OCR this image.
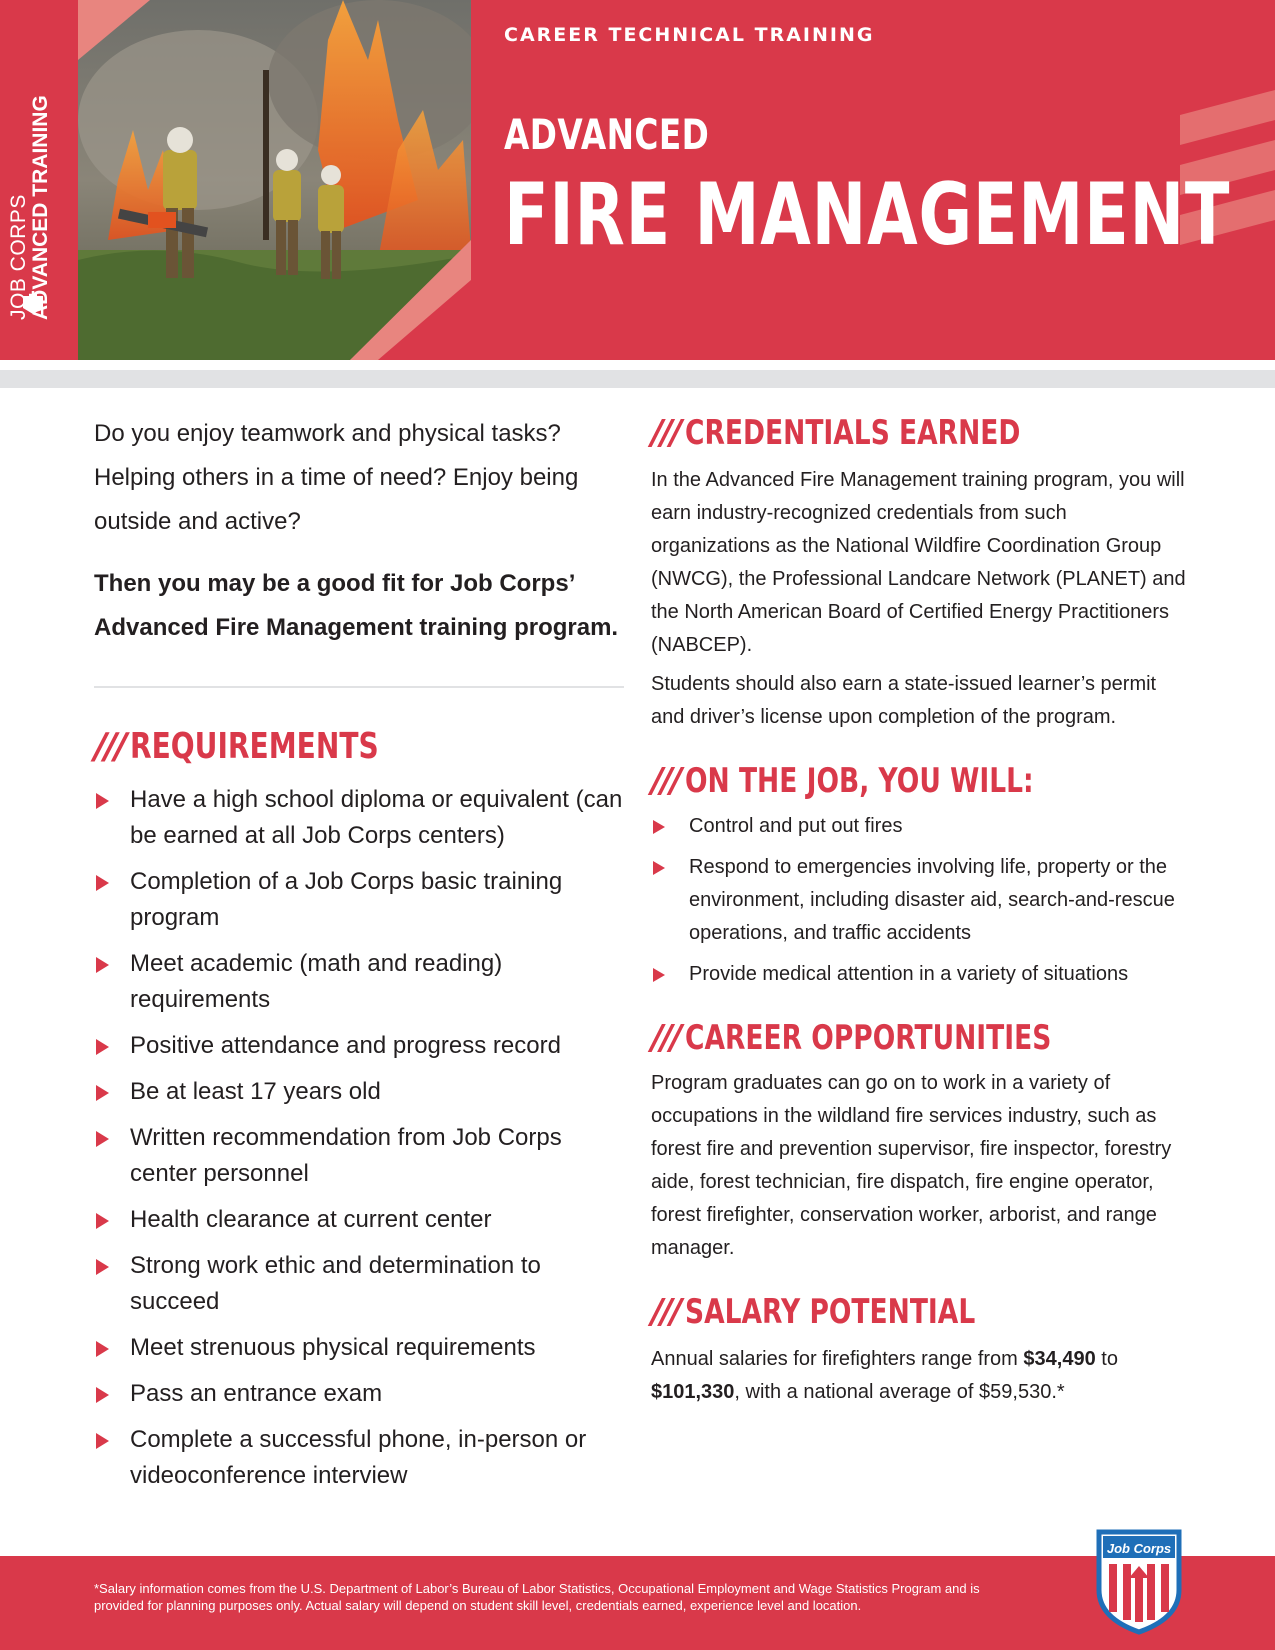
JOB CORPS ADVANCED TRAINING
CAREER TECHNICAL TRAINING
ADVANCED
FIRE MANAGEMENT

Do you enjoy teamwork and physical tasks? Helping others in a time of need? Enjoy being outside and active?

Then you may be a good fit for Job Corps’ Advanced Fire Management training program.

/// REQUIREMENTS
Have a high school diploma or equivalent (can be earned at all Job Corps centers)
Completion of a Job Corps basic training program
Meet academic (math and reading) requirements
Positive attendance and progress record
Be at least 17 years old
Written recommendation from Job Corps center personnel
Health clearance at current center
Strong work ethic and determination to succeed
Meet strenuous physical requirements
Pass an entrance exam
Complete a successful phone, in-person or videoconference interview
/// CREDENTIALS EARNED

In the Advanced Fire Management training program, you will earn industry-recognized credentials from such organizations as the National Wildfire Coordination Group (NWCG), the Professional Landcare Network (PLANET) and the North American Board of Certified Energy Practitioners (NABCEP).

Students should also earn a state-issued learner’s permit and driver’s license upon completion of the program.

/// ON THE JOB, YOU WILL:
Control and put out fires
Respond to emergencies involving life, property or the environment, including disaster aid, search-and-rescue operations, and traffic accidents
Provide medical attention in a variety of situations
/// CAREER OPPORTUNITIES

Program graduates can go on to work in a variety of occupations in the wildland fire services industry, such as forest fire and prevention supervisor, fire inspector, forestry aide, forest technician, fire dispatch, fire engine operator, forest firefighter, conservation worker, arborist, and range manager.

/// SALARY POTENTIAL

Annual salaries for firefighters range from $34,490 to $101,330, with a national average of $59,530.*

*Salary information comes from the U.S. Department of Labor’s Bureau of Labor Statistics, Occupational Employment and Wage Statistics Program and is provided for planning purposes only. Actual salary will depend on student skill level, credentials earned, experience level and location.

Job Corps
